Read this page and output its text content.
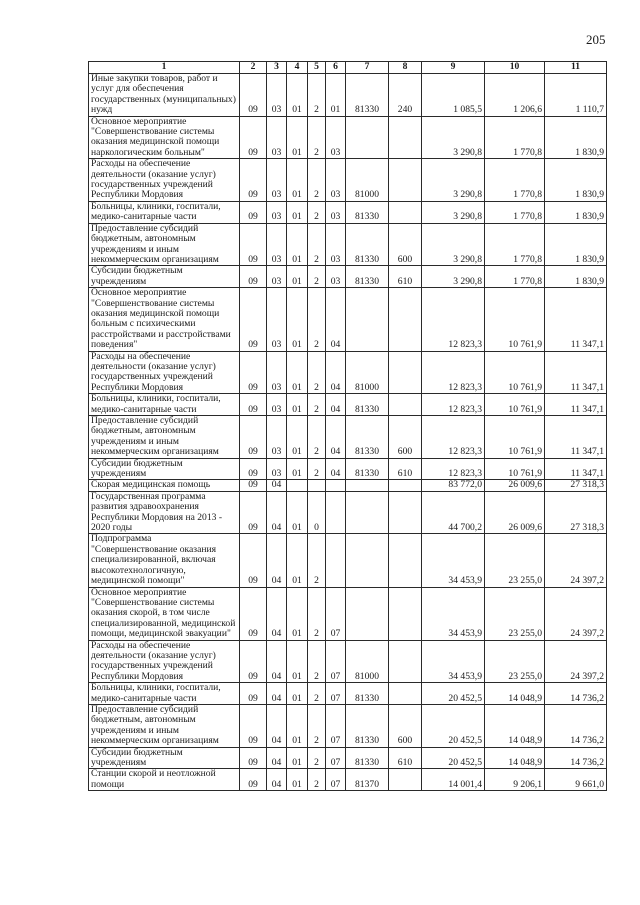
205
1	2	3	4	5	6	7	8	9	10	11
Иные закупки товаров, работ и услуг для обеспечения государственных (муниципальных) нужд	09	03	01	2	01	81330	240	1 085,5	1 206,6	1 110,7
Основное мероприятие "Совершенствование системы оказания медицинской помощи наркологическим больным"	09	03	01	2	03			3 290,8	1 770,8	1 830,9
Расходы на обеспечение деятельности (оказание услуг) государственных учреждений Республики Мордовия	09	03	01	2	03	81000		3 290,8	1 770,8	1 830,9
Больницы, клиники, госпитали, медико-санитарные части	09	03	01	2	03	81330		3 290,8	1 770,8	1 830,9
Предоставление субсидий бюджетным, автономным учреждениям и иным некоммерческим организациям	09	03	01	2	03	81330	600	3 290,8	1 770,8	1 830,9
Субсидии бюджетным учреждениям	09	03	01	2	03	81330	610	3 290,8	1 770,8	1 830,9
Основное мероприятие "Совершенствование системы оказания медицинской помощи больным с психическими расстройствами и расстройствами поведения"	09	03	01	2	04			12 823,3	10 761,9	11 347,1
Расходы на обеспечение деятельности (оказание услуг) государственных учреждений Республики Мордовия	09	03	01	2	04	81000		12 823,3	10 761,9	11 347,1
Больницы, клиники, госпитали, медико-санитарные части	09	03	01	2	04	81330		12 823,3	10 761,9	11 347,1
Предоставление субсидий бюджетным, автономным учреждениям и иным некоммерческим организациям	09	03	01	2	04	81330	600	12 823,3	10 761,9	11 347,1
Субсидии бюджетным учреждениям	09	03	01	2	04	81330	610	12 823,3	10 761,9	11 347,1
Скорая медицинская помощь	09	04						83 772,0	26 009,6	27 318,3
Государственная программа развития здравоохранения Республики Мордовия на 2013 - 2020 годы	09	04	01	0				44 700,2	26 009,6	27 318,3
Подпрограмма "Совершенствование оказания специализированной, включая высокотехнологичную, медицинской помощи"	09	04	01	2				34 453,9	23 255,0	24 397,2
Основное мероприятие "Совершенствование системы оказания скорой, в том числе специализированной, медицинской помощи, медицинской эвакуации"	09	04	01	2	07			34 453,9	23 255,0	24 397,2
Расходы на обеспечение деятельности (оказание услуг) государственных учреждений Республики Мордовия	09	04	01	2	07	81000		34 453,9	23 255,0	24 397,2
Больницы, клиники, госпитали, медико-санитарные части	09	04	01	2	07	81330		20 452,5	14 048,9	14 736,2
Предоставление субсидий бюджетным, автономным учреждениям и иным некоммерческим организациям	09	04	01	2	07	81330	600	20 452,5	14 048,9	14 736,2
Субсидии бюджетным учреждениям	09	04	01	2	07	81330	610	20 452,5	14 048,9	14 736,2
Станции скорой и неотложной помощи	09	04	01	2	07	81370		14 001,4	9 206,1	9 661,0
